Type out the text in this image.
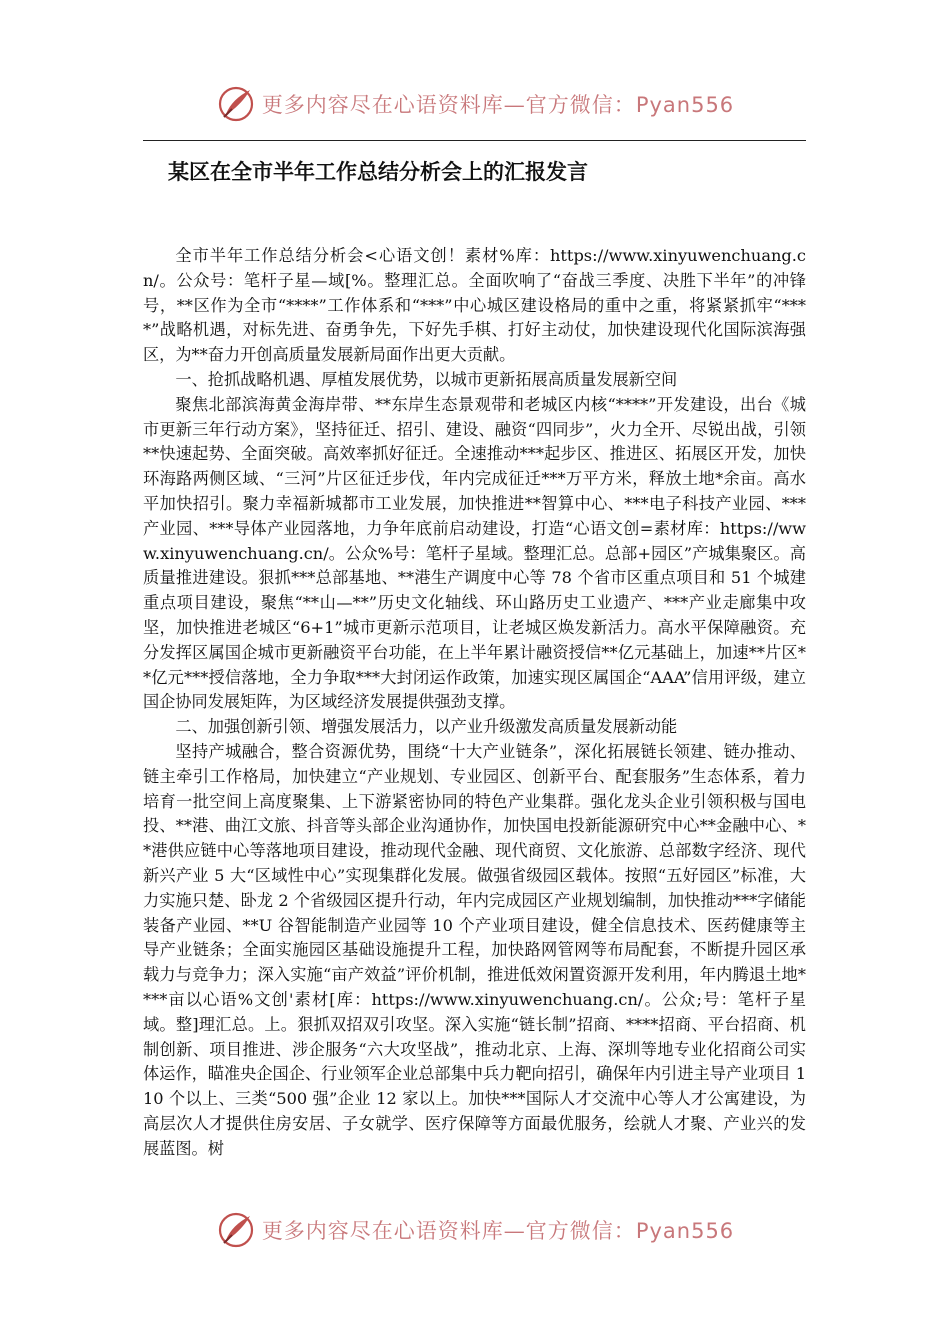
更多内容尽在心语资料库—官方微信：Pyan556
某区在全市半年工作总结分析会上的汇报发言

全市半年工作总结分析会<心语文创！素材%库：https://www.xinyuwenchuang.cn/。公众号：笔杆子星—域[%。整理汇总。全面吹响了“奋战三季度、决胜下半年”的冲锋号，**区作为全市“****”工作体系和“***”中心城区建设格局的重中之重，将紧紧抓牢“****”战略机遇，对标先进、奋勇争先，下好先手棋、打好主动仗，加快建设现代化国际滨海强区，为**奋力开创高质量发展新局面作出更大贡献。

一、抢抓战略机遇、厚植发展优势，以城市更新拓展高质量发展新空间

聚焦北部滨海黄金海岸带、**东岸生态景观带和老城区内核“****”开发建设，出台《城市更新三年行动方案》，坚持征迁、招引、建设、融资“四同步”，火力全开、尽锐出战，引领**快速起势、全面突破。高效率抓好征迁。全速推动***起步区、推进区、拓展区开发，加快环海路两侧区域、“三河”片区征迁步伐，年内完成征迁***万平方米，释放土地*余亩。高水平加快招引。聚力幸福新城都市工业发展，加快推进**智算中心、***电子科技产业园、***产业园、***导体产业园落地，力争年底前启动建设，打造“心语文创=素材库：https://www.xinyuwenchuang.cn/。公众%号：笔杆子星域。整理汇总。总部+园区”产城集聚区。高质量推进建设。狠抓***总部基地、**港生产调度中心等 78 个省市区重点项目和 51 个城建重点项目建设，聚焦“**山—**”历史文化轴线、环山路历史工业遗产、***产业走廊集中攻坚，加快推进老城区“6+1”城市更新示范项目，让老城区焕发新活力。高水平保障融资。充分发挥区属国企城市更新融资平台功能，在上半年累计融资授信**亿元基础上，加速**片区**亿元***授信落地，全力争取***大封闭运作政策，加速实现区属国企“AAA”信用评级，建立国企协同发展矩阵，为区域经济发展提供强劲支撑。

二、加强创新引领、增强发展活力，以产业升级激发高质量发展新动能

坚持产城融合，整合资源优势，围绕“十大产业链条”，深化拓展链长领建、链办推动、链主牵引工作格局，加快建立“产业规划、专业园区、创新平台、配套服务”生态体系，着力培育一批空间上高度聚集、上下游紧密协同的特色产业集群。强化龙头企业引领积极与国电投、**港、曲江文旅、抖音等头部企业沟通协作，加快国电投新能源研究中心**金融中心、**港供应链中心等落地项目建设，推动现代金融、现代商贸、文化旅游、总部数字经济、现代新兴产业 5 大“区域性中心”实现集群化发展。做强省级园区载体。按照“五好园区”标准，大力实施只楚、卧龙 2 个省级园区提升行动，年内完成园区产业规划编制，加快推动***字储能装备产业园、**U 谷智能制造产业园等 10 个产业项目建设，健全信息技术、医药健康等主导产业链条；全面实施园区基础设施提升工程，加快路网管网等布局配套，不断提升园区承载力与竞争力；深入实施“亩产效益”评价机制，推进低效闲置资源开发利用，年内腾退土地****亩以心语%文创'素材[库：https://www.xinyuwenchuang.cn/。公众;号：笔杆子星域。整]理汇总。上。狠抓双招双引攻坚。深入实施“链长制”招商、****招商、平台招商、机制创新、项目推进、涉企服务“六大攻坚战”，推动北京、上海、深圳等地专业化招商公司实体运作，瞄准央企国企、行业领军企业总部集中兵力靶向招引，确保年内引进主导产业项目 110 个以上、三类“500 强”企业 12 家以上。加快***国际人才交流中心等人才公寓建设，为高层次人才提供住房安居、子女就学、医疗保障等方面最优服务，绘就人才聚、产业兴的发展蓝图。树

更多内容尽在心语资料库—官方微信：Pyan556
